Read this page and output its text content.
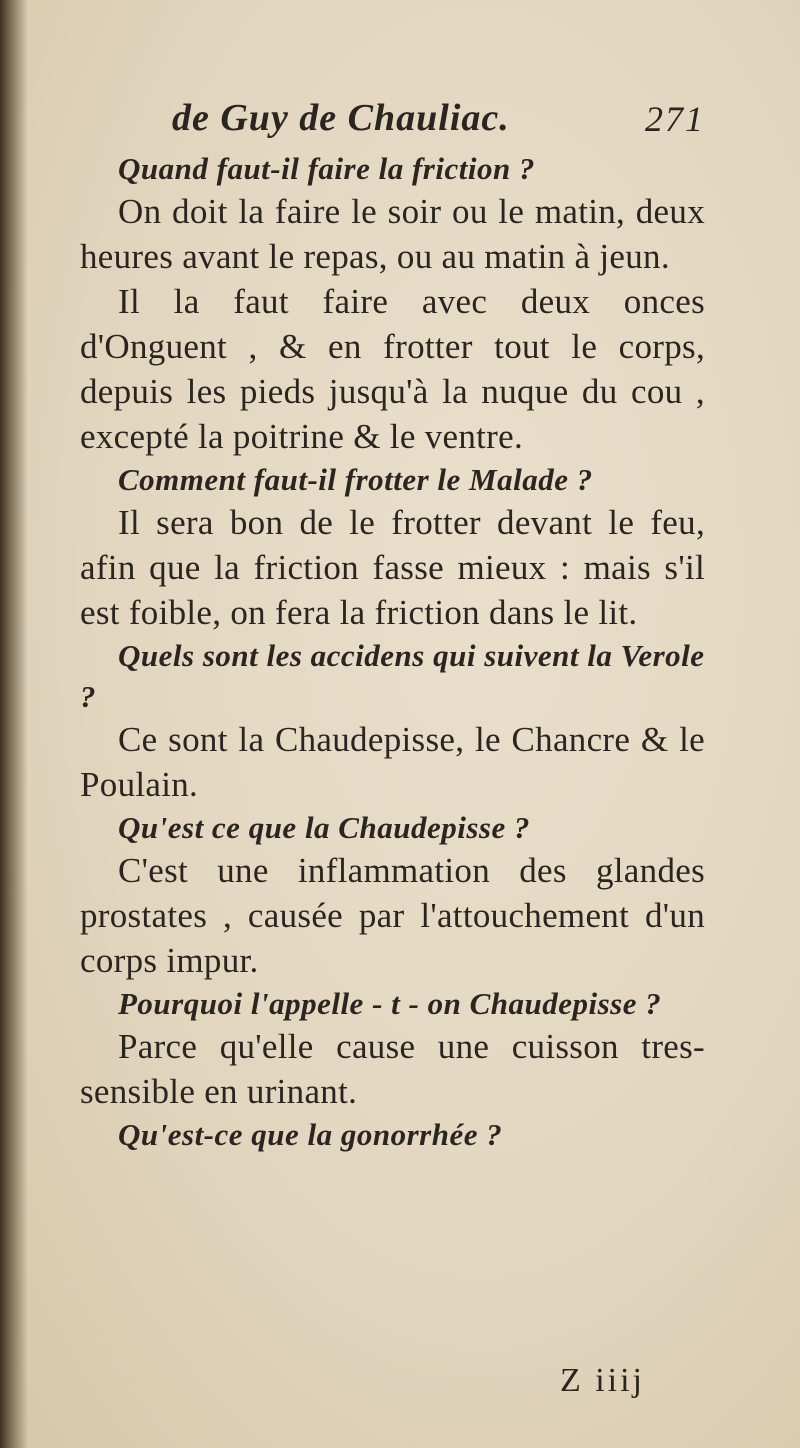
de Guy de Chauliac.	271

Quand faut-il faire la friction ?

On doit la faire le soir ou le matin, deux heures avant le repas, ou au matin à jeun.

Il la faut faire avec deux onces d'Onguent , & en frotter tout le corps, depuis les pieds jusqu'à la nuque du cou , excepté la poitrine & le ventre.

Comment faut-il frotter le Malade ?

Il sera bon de le frotter devant le feu, afin que la friction fasse mieux : mais s'il est foible, on fera la friction dans le lit.

Quels sont les accidens qui suivent la Verole ?

Ce sont la Chaudepisse, le Chancre & le Poulain.

Qu'est ce que la Chaudepisse ?

C'est une inflammation des glandes prostates , causée par l'attouchement d'un corps impur.

Pourquoi l'appelle - t - on Chaudepisse ?

Parce qu'elle cause une cuisson tres-sensible en urinant.

Qu'est-ce que la gonorrhée ?

Z iiij
